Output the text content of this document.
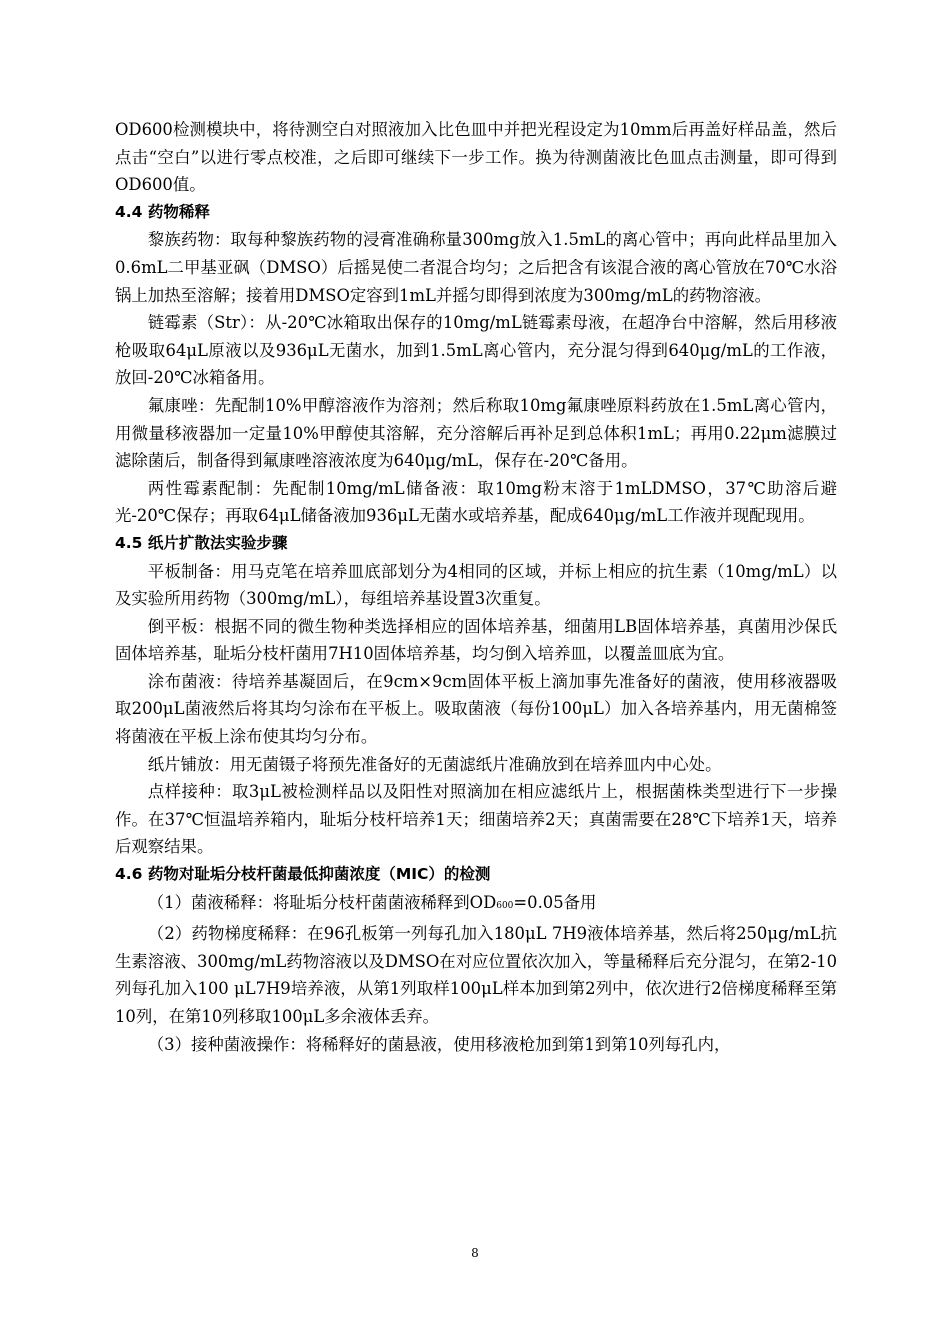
OD600检测模块中，将待测空白对照液加入比色皿中并把光程设定为10mm后再盖好样品盖，然后点击“空白”以进行零点校准，之后即可继续下一步工作。换为待测菌液比色皿点击测量，即可得到OD600值。

4.4 药物稀释

黎族药物：取每种黎族药物的浸膏准确称量300mg放入1.5mL的离心管中；再向此样品里加入0.6mL二甲基亚砜（DMSO）后摇晃使二者混合均匀；之后把含有该混合液的离心管放在70℃水浴锅上加热至溶解；接着用DMSO定容到1mL并摇匀即得到浓度为300mg/mL的药物溶液。

链霉素（Str）：从-20℃冰箱取出保存的10mg/mL链霉素母液，在超净台中溶解，然后用移液枪吸取64μL原液以及936μL无菌水，加到1.5mL离心管内，充分混匀得到640μg/mL的工作液，放回-20℃冰箱备用。

氟康唑：先配制10%甲醇溶液作为溶剂；然后称取10mg氟康唑原料药放在1.5mL离心管内，用微量移液器加一定量10%甲醇使其溶解，充分溶解后再补足到总体积1mL；再用0.22μm滤膜过滤除菌后，制备得到氟康唑溶液浓度为640μg/mL，保存在-20℃备用。

两性霉素配制：先配制10mg/mL储备液：取10mg粉末溶于1mLDMSO，37℃助溶后避光-20℃保存；再取64μL储备液加936μL无菌水或培养基，配成640μg/mL工作液并现配现用。

4.5 纸片扩散法实验步骤

平板制备：用马克笔在培养皿底部划分为4相同的区域，并标上相应的抗生素（10mg/mL）以及实验所用药物（300mg/mL），每组培养基设置3次重复。

倒平板：根据不同的微生物种类选择相应的固体培养基，细菌用LB固体培养基，真菌用沙保氏固体培养基，耻垢分枝杆菌用7H10固体培养基，均匀倒入培养皿，以覆盖皿底为宜。

涂布菌液：待培养基凝固后，在9cm×9cm固体平板上滴加事先准备好的菌液，使用移液器吸取200μL菌液然后将其均匀涂布在平板上。吸取菌液（每份100μL）加入各培养基内，用无菌棉签将菌液在平板上涂布使其均匀分布。

纸片铺放：用无菌镊子将预先准备好的无菌滤纸片准确放到在培养皿内中心处。

点样接种：取3μL被检测样品以及阳性对照滴加在相应滤纸片上，根据菌株类型进行下一步操作。在37℃恒温培养箱内，耻垢分枝杆培养1天；细菌培养2天；真菌需要在28℃下培养1天，培养后观察结果。

4.6 药物对耻垢分枝杆菌最低抑菌浓度（MIC）的检测

（1）菌液稀释：将耻垢分枝杆菌菌液稀释到OD600=0.05备用

（2）药物梯度稀释：在96孔板第一列每孔加入180μL 7H9液体培养基，然后将250μg/mL抗生素溶液、300mg/mL药物溶液以及DMSO在对应位置依次加入，等量稀释后充分混匀，在第2-10列每孔加入100 μL7H9培养液，从第1列取样100μL样本加到第2列中，依次进行2倍梯度稀释至第10列，在第10列移取100μL多余液体丢弃。

（3）接种菌液操作：将稀释好的菌悬液，使用移液枪加到第1到第10列每孔内，

8
